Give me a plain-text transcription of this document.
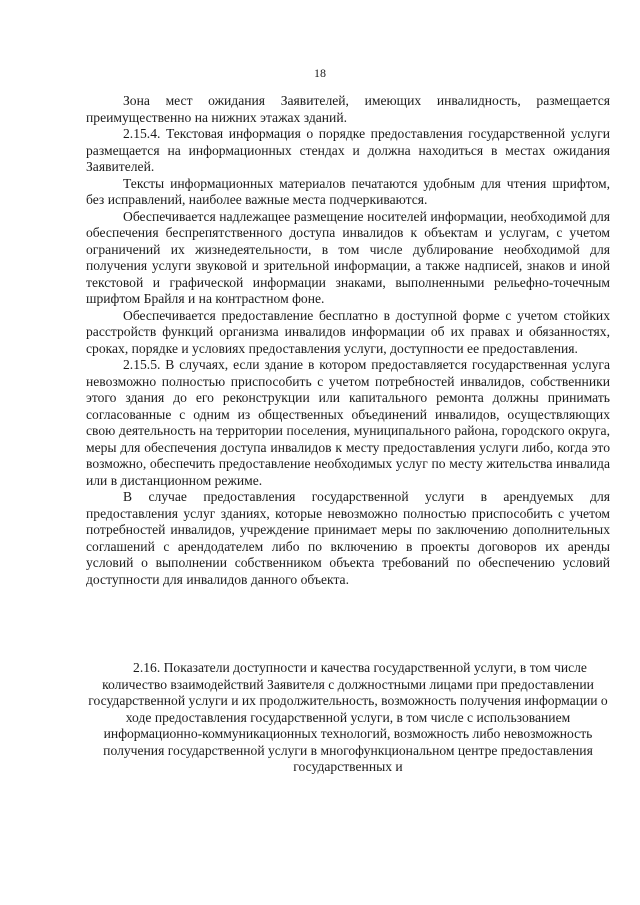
18

Зона мест ожидания Заявителей, имеющих инвалидность, размещается преимущественно на нижних этажах зданий.

2.15.4. Текстовая информация о порядке предоставления государственной услуги размещается на информационных стендах и должна находиться в местах ожидания Заявителей.

Тексты информационных материалов печатаются удобным для чтения шрифтом, без исправлений, наиболее важные места подчеркиваются.

Обеспечивается надлежащее размещение носителей информации, необходимой для обеспечения беспрепятственного доступа инвалидов к объектам и услугам, с учетом ограничений их жизнедеятельности, в том числе дублирование необходимой для получения услуги звуковой и зрительной информации, а также надписей, знаков и иной текстовой и графической информации знаками, выполненными рельефно-точечным шрифтом Брайля и на контрастном фоне.

Обеспечивается предоставление бесплатно в доступной форме с учетом стойких расстройств функций организма инвалидов информации об их правах и обязанностях, сроках, порядке и условиях предоставления услуги, доступности ее предоставления.

2.15.5. В случаях, если здание в котором предоставляется государственная услуга невозможно полностью приспособить с учетом потребностей инвалидов, собственники этого здания до его реконструкции или капитального ремонта должны принимать согласованные с одним из общественных объединений инвалидов, осуществляющих свою деятельность на территории поселения, муниципального района, городского округа, меры для обеспечения доступа инвалидов к месту предоставления услуги либо, когда это возможно, обеспечить предоставление необходимых услуг по месту жительства инвалида или в дистанционном режиме.

В случае предоставления государственной услуги в арендуемых для предоставления услуг зданиях, которые невозможно полностью приспособить с учетом потребностей инвалидов, учреждение принимает меры по заключению дополнительных соглашений с арендодателем либо по включению в проекты договоров их аренды условий о выполнении собственником объекта требований по обеспечению условий доступности для инвалидов данного объекта.

2.16. Показатели доступности и качества государственной услуги, в том числе количество взаимодействий Заявителя с должностными лицами при предоставлении государственной услуги и их продолжительность, возможность получения информации о ходе предоставления государственной услуги, в том числе с использованием информационно-коммуникационных технологий, возможность либо невозможность получения государственной услуги в многофункциональном центре предоставления государственных и
